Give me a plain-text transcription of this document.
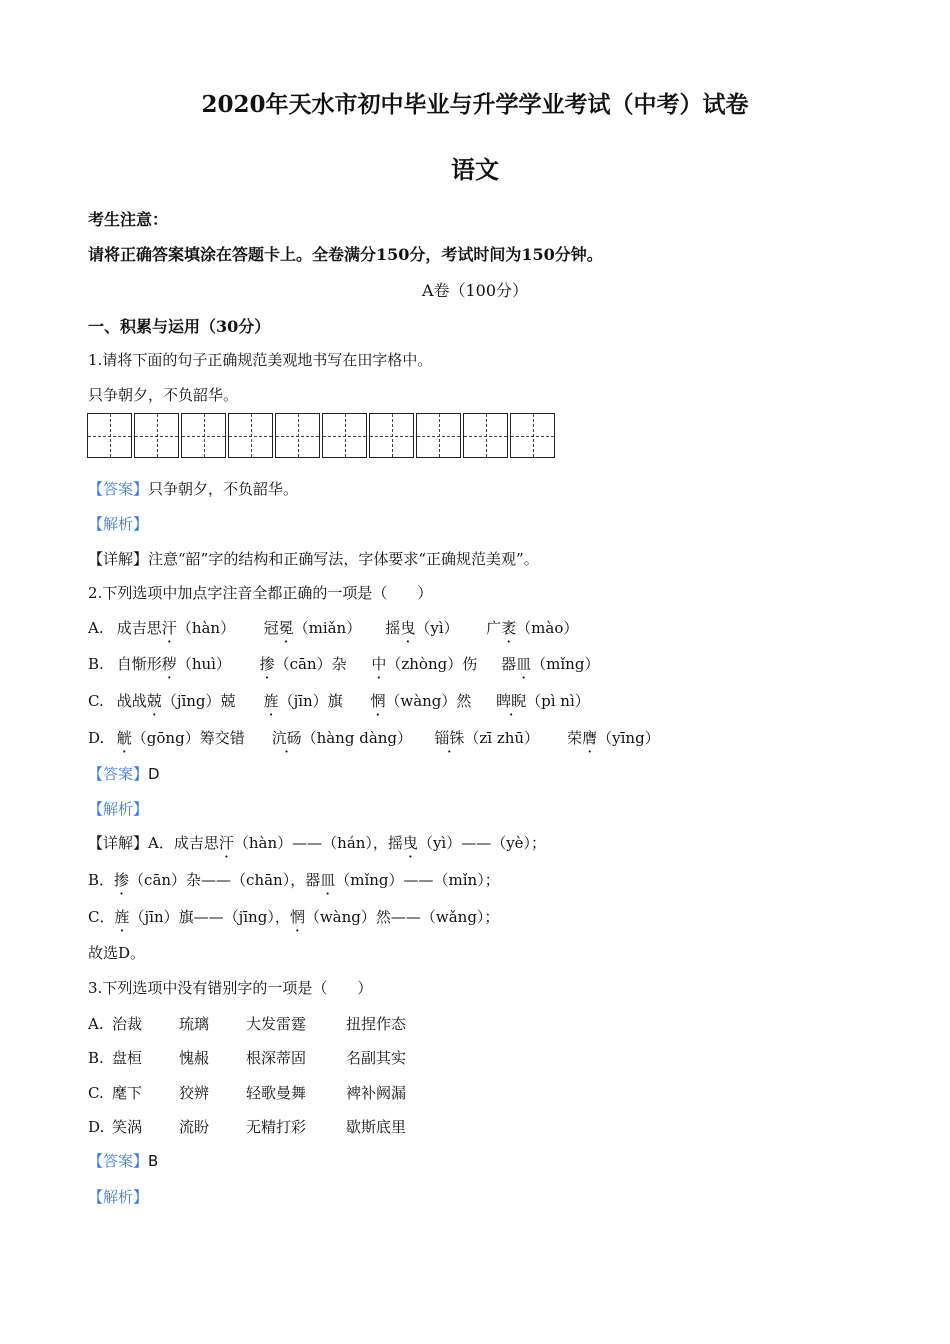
2020年天水市初中毕业与升学学业考试（中考）试卷
语文
考生注意：
请将正确答案填涂在答题卡上。全卷满分150分，考试时间为150分钟。
A卷（100分）
一、积累与运用（30分）
1.请将下面的句子正确规范美观地书写在田字格中。
只争朝夕，不负韶华。
【答案】只争朝夕，不负韶华。
【解析】
【详解】注意“韶”字的结构和正确写法，字体要求“正确规范美观”。
2.下列选项中加点字注音全都正确的一项是（　　）
A. 成吉思汗（hàn） 冠冕（miǎn） 摇曳（yì） 广袤（mào）
B. 自惭形秽（huì） 掺（cān）杂 中（zhòng）伤 器皿（mǐng）
C. 战战兢（jīng）兢 旌（jīn）旗 惘（wàng）然 睥睨（pì nì）
D. 觥（gōng）筹交错 沆砀（hàng dàng） 锱铢（zī zhū） 荣膺（yīng）
【答案】D
【解析】
【详解】A．成吉思汗（hàn）——（hán），摇曳（yì）——（yè）；
B．掺（cān）杂——（chān），器皿（mǐng）——（mǐn）；
C．旌（jīn）旗——（jīng），惘（wàng）然——（wǎng）；
故选D。
3.下列选项中没有错别字的一项是（　　）
A. 治裁 琉璃 大发雷霆	扭捏作态
B. 盘桓 愧赧 根深蒂固	名副其实
C. 麾下 狡辨 轻歌曼舞	裨补阙漏
D. 笑涡 流盼 无精打彩	歇斯底里
【答案】B
【解析】
